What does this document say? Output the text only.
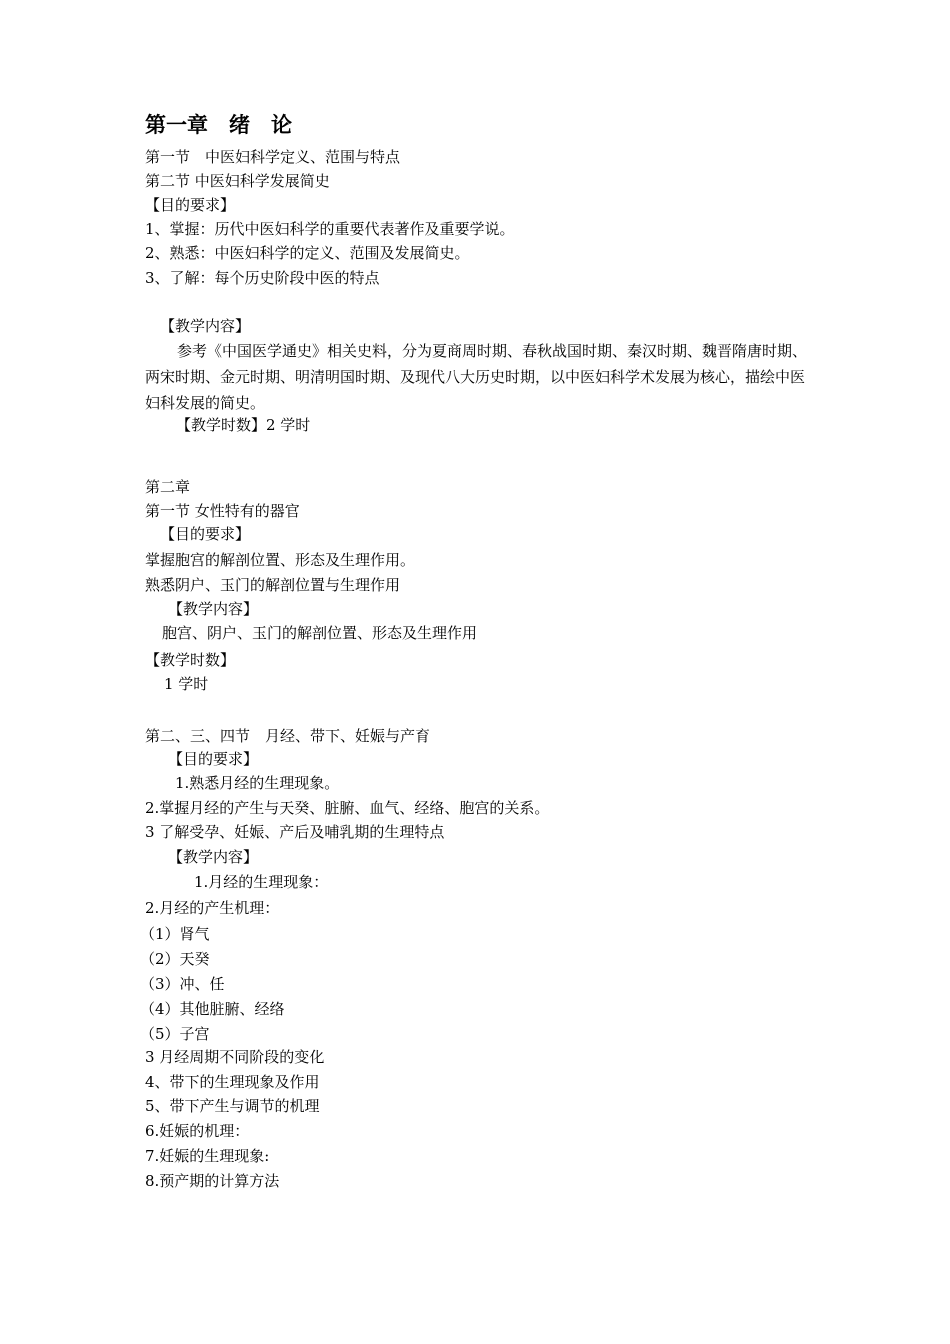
第一章　绪　论
第一节　中医妇科学定义、范围与特点
第二节 中医妇科学发展简史
【目的要求】
1、掌握：历代中医妇科学的重要代表著作及重要学说。
2、熟悉：中医妇科学的定义、范围及发展简史。
3、了解：每个历史阶段中医的特点
【教学内容】
参考《中国医学通史》相关史料，分为夏商周时期、春秋战国时期、秦汉时期、魏晋隋唐时期、两宋时期、金元时期、明清明国时期、及现代八大历史时期，以中医妇科学术发展为核心，描绘中医妇科发展的简史。
【教学时数】2 学时
第二章
第一节 女性特有的器官
【目的要求】
掌握胞宫的解剖位置、形态及生理作用。
熟悉阴户、玉门的解剖位置与生理作用
【教学内容】
胞宫、阴户、玉门的解剖位置、形态及生理作用
【教学时数】
1 学时
第二、三、四节　月经、带下、妊娠与产育
【目的要求】
1.熟悉月经的生理现象。
2.掌握月经的产生与天癸、脏腑、血气、经络、胞宫的关系。
3 了解受孕、妊娠、产后及哺乳期的生理特点
【教学内容】
1.月经的生理现象：
2.月经的产生机理：
（1）肾气
（2）天癸
（3）冲、任
（4）其他脏腑、经络
（5）子宫
3 月经周期不同阶段的变化
4、带下的生理现象及作用
5、带下产生与调节的机理
6.妊娠的机理：
7.妊娠的生理现象:
8.预产期的计算方法
